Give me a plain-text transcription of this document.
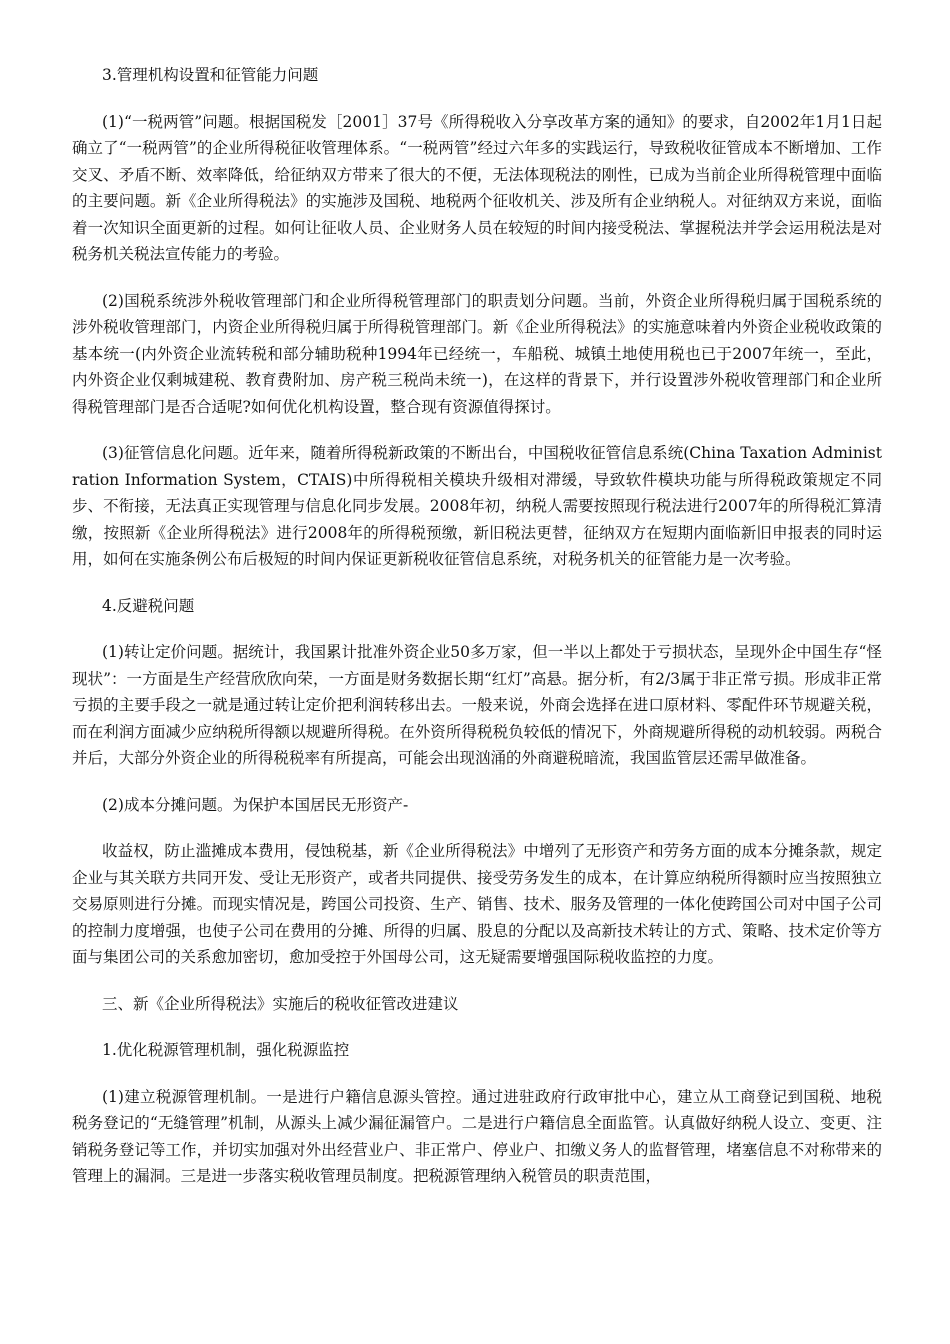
3.管理机构设置和征管能力问题

(1)“一税两管”问题。根据国税发［2001］37号《所得税收入分享改革方案的通知》的要求，自2002年1月1日起确立了“一税两管”的企业所得税征收管理体系。“一税两管”经过六年多的实践运行，导致税收征管成本不断增加、工作交叉、矛盾不断、效率降低，给征纳双方带来了很大的不便，无法体现税法的刚性，已成为当前企业所得税管理中面临的主要问题。新《企业所得税法》的实施涉及国税、地税两个征收机关、涉及所有企业纳税人。对征纳双方来说，面临着一次知识全面更新的过程。如何让征收人员、企业财务人员在较短的时间内接受税法、掌握税法并学会运用税法是对税务机关税法宣传能力的考验。

(2)国税系统涉外税收管理部门和企业所得税管理部门的职责划分问题。当前，外资企业所得税归属于国税系统的涉外税收管理部门，内资企业所得税归属于所得税管理部门。新《企业所得税法》的实施意味着内外资企业税收政策的基本统一(内外资企业流转税和部分辅助税种1994年已经统一，车船税、城镇土地使用税也已于2007年统一，至此，内外资企业仅剩城建税、教育费附加、房产税三税尚未统一)，在这样的背景下，并行设置涉外税收管理部门和企业所得税管理部门是否合适呢?如何优化机构设置，整合现有资源值得探讨。

(3)征管信息化问题。近年来，随着所得税新政策的不断出台，中国税收征管信息系统(China Taxation Administration Information System，CTAIS)中所得税相关模块升级相对滞缓，导致软件模块功能与所得税政策规定不同步、不衔接，无法真正实现管理与信息化同步发展。2008年初，纳税人需要按照现行税法进行2007年的所得税汇算清缴，按照新《企业所得税法》进行2008年的所得税预缴，新旧税法更替，征纳双方在短期内面临新旧申报表的同时运用，如何在实施条例公布后极短的时间内保证更新税收征管信息系统，对税务机关的征管能力是一次考验。

4.反避税问题

(1)转让定价问题。据统计，我国累计批准外资企业50多万家，但一半以上都处于亏损状态，呈现外企中国生存“怪现状”：一方面是生产经营欣欣向荣，一方面是财务数据长期“红灯”高悬。据分析，有2/3属于非正常亏损。形成非正常亏损的主要手段之一就是通过转让定价把利润转移出去。一般来说，外商会选择在进口原材料、零配件环节规避关税，而在利润方面减少应纳税所得额以规避所得税。在外资所得税税负较低的情况下，外商规避所得税的动机较弱。两税合并后，大部分外资企业的所得税税率有所提高，可能会出现汹涌的外商避税暗流，我国监管层还需早做准备。

(2)成本分摊问题。为保护本国居民无形资产-

收益权，防止滥摊成本费用，侵蚀税基，新《企业所得税法》中增列了无形资产和劳务方面的成本分摊条款，规定企业与其关联方共同开发、受让无形资产，或者共同提供、接受劳务发生的成本，在计算应纳税所得额时应当按照独立交易原则进行分摊。而现实情况是，跨国公司投资、生产、销售、技术、服务及管理的一体化使跨国公司对中国子公司的控制力度增强，也使子公司在费用的分摊、所得的归属、股息的分配以及高新技术转让的方式、策略、技术定价等方面与集团公司的关系愈加密切，愈加受控于外国母公司，这无疑需要增强国际税收监控的力度。

三、新《企业所得税法》实施后的税收征管改进建议

1.优化税源管理机制，强化税源监控

(1)建立税源管理机制。一是进行户籍信息源头管控。通过进驻政府行政审批中心，建立从工商登记到国税、地税税务登记的“无缝管理”机制，从源头上减少漏征漏管户。二是进行户籍信息全面监管。认真做好纳税人设立、变更、注销税务登记等工作，并切实加强对外出经营业户、非正常户、停业户、扣缴义务人的监督管理，堵塞信息不对称带来的管理上的漏洞。三是进一步落实税收管理员制度。把税源管理纳入税管员的职责范围，
